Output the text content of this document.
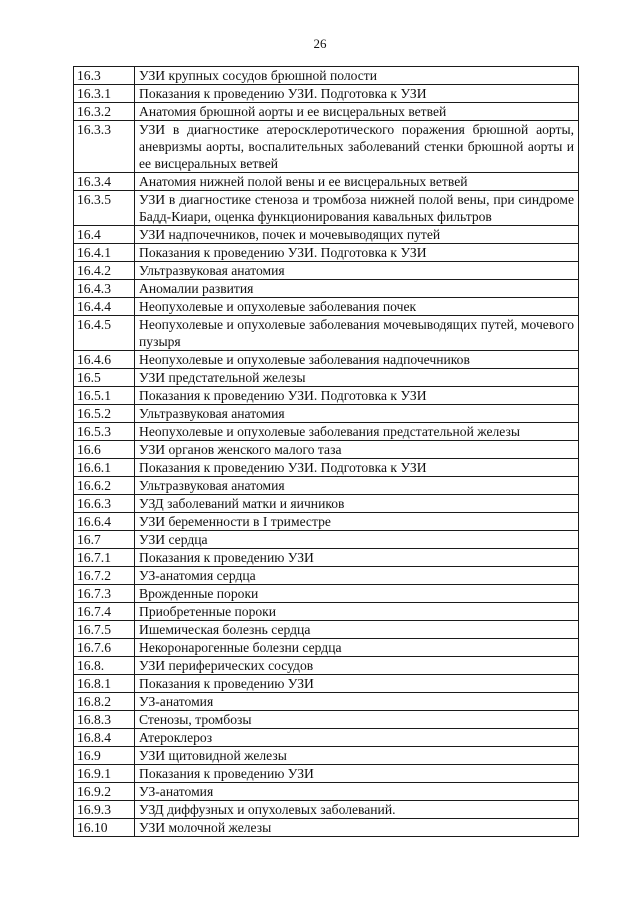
26
16.3	УЗИ крупных сосудов брюшной полости
16.3.1	Показания к проведению УЗИ. Подготовка к УЗИ
16.3.2	Анатомия брюшной аорты и ее висцеральных ветвей
16.3.3	УЗИ в диагностике атеросклеротического поражения брюшной аорты, аневризмы аорты, воспалительных заболеваний стенки брюшной аорты и ее висцеральных ветвей
16.3.4	Анатомия нижней полой вены и ее висцеральных ветвей
16.3.5	УЗИ в диагностике стеноза и тромбоза нижней полой вены, при синдроме Бадд-Киари, оценка функционирования кавальных фильтров
16.4	УЗИ надпочечников, почек и мочевыводящих путей
16.4.1	Показания к проведению УЗИ. Подготовка к УЗИ
16.4.2	Ультразвуковая анатомия
16.4.3	Аномалии развития
16.4.4	Неопухолевые и опухолевые заболевания почек
16.4.5	Неопухолевые и опухолевые заболевания мочевыводящих путей, мочевого пузыря
16.4.6	Неопухолевые и опухолевые заболевания надпочечников
16.5	УЗИ предстательной железы
16.5.1	Показания к проведению УЗИ. Подготовка к УЗИ
16.5.2	Ультразвуковая анатомия
16.5.3	Неопухолевые и опухолевые заболевания предстательной железы
16.6	УЗИ органов женского малого таза
16.6.1	Показания к проведению УЗИ. Подготовка к УЗИ
16.6.2	Ультразвуковая анатомия
16.6.3	УЗД заболеваний матки и яичников
16.6.4	УЗИ беременности в I триместре
16.7	УЗИ сердца
16.7.1	Показания к проведению УЗИ
16.7.2	УЗ-анатомия сердца
16.7.3	Врожденные пороки
16.7.4	Приобретенные пороки
16.7.5	Ишемическая болезнь сердца
16.7.6	Некоронарогенные болезни сердца
16.8.	УЗИ периферических сосудов
16.8.1	Показания к проведению УЗИ
16.8.2	УЗ-анатомия
16.8.3	Стенозы, тромбозы
16.8.4	Атероклероз
16.9	УЗИ щитовидной железы
16.9.1	Показания к проведению УЗИ
16.9.2	УЗ-анатомия
16.9.3	УЗД диффузных и опухолевых заболеваний.
16.10	УЗИ молочной железы
